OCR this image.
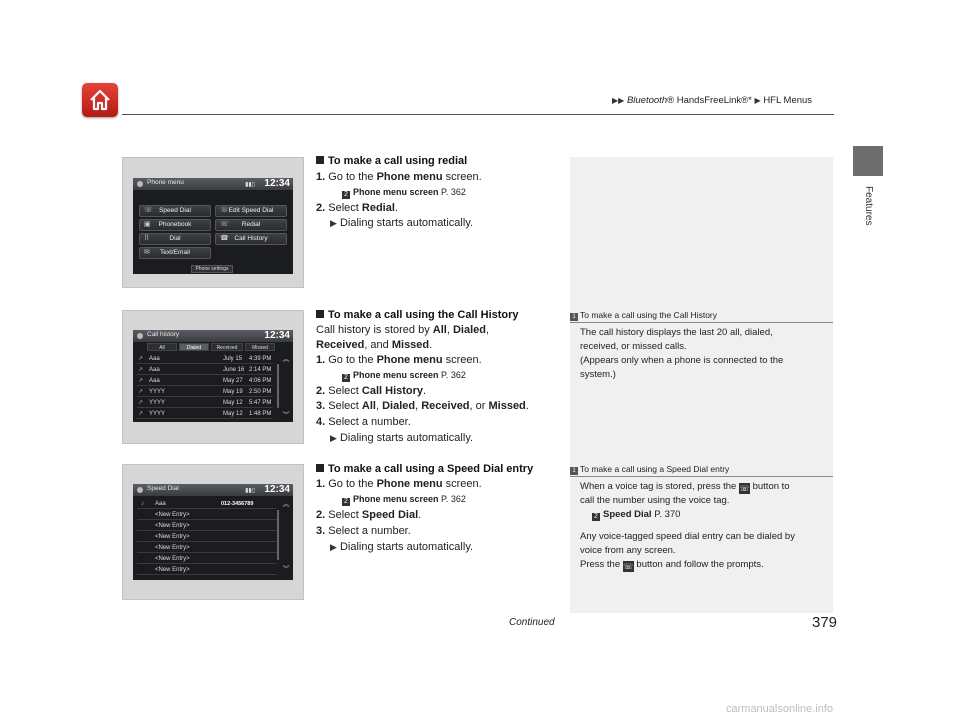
▶▶ Bluetooth® HandsFreeLink®* ▶ HFL Menus
Features
Phone menu	▮▮▯ 12:34
☏ Speed Dial	☏ Edit Speed Dial
▣ Phonebook	☏ Redial
⠿	Dial	☎ Call History
✉ Text/Email
Phone settings
Call history	12:34
All	Dialed	Received	Missed
↗ Aaa	July 15 4:39 PM
↗ Aaa	June 16 2:14 PM
↗ Aaa	May 27 4:06 PM
↗ YYYY	May 19 2:50 PM
↗ YYYY	May 12 5:47 PM
↗ YYYY	May 12 1:48 PM
︽
︾
Speed Dial	▮▮▯ 12:34
♪ Aaa	012-3456789
<New Entry>
<New Entry>
<New Entry>
<New Entry>
<New Entry>
<New Entry>
︽
︾
To make a call using redial
1. Go to the Phone menu screen.
2 Phone menu screen P. 362
2. Select Redial.
▶ Dialing starts automatically.
To make a call using the Call History
Call history is stored by All, Dialed,
Received, and Missed.
1. Go to the Phone menu screen.
2 Phone menu screen P. 362
2. Select Call History.
3. Select All, Dialed, Received, or Missed.
4. Select a number.
▶ Dialing starts automatically.
To make a call using a Speed Dial entry
1. Go to the Phone menu screen.
2 Phone menu screen P. 362
2. Select Speed Dial.
3. Select a number.
▶ Dialing starts automatically.
1 To make a call using the Call History
The call history displays the last 20 all, dialed,
received, or missed calls.
(Appears only when a phone is connected to the
system.)
1 To make a call using a Speed Dial entry
When a voice tag is stored, press the ☏ button to
call the number using the voice tag.
2 Speed Dial P. 370
Any voice-tagged speed dial entry can be dialed by
voice from any screen.
Press the ☏ button and follow the prompts.
Continued	379
carmanualsonline.info
